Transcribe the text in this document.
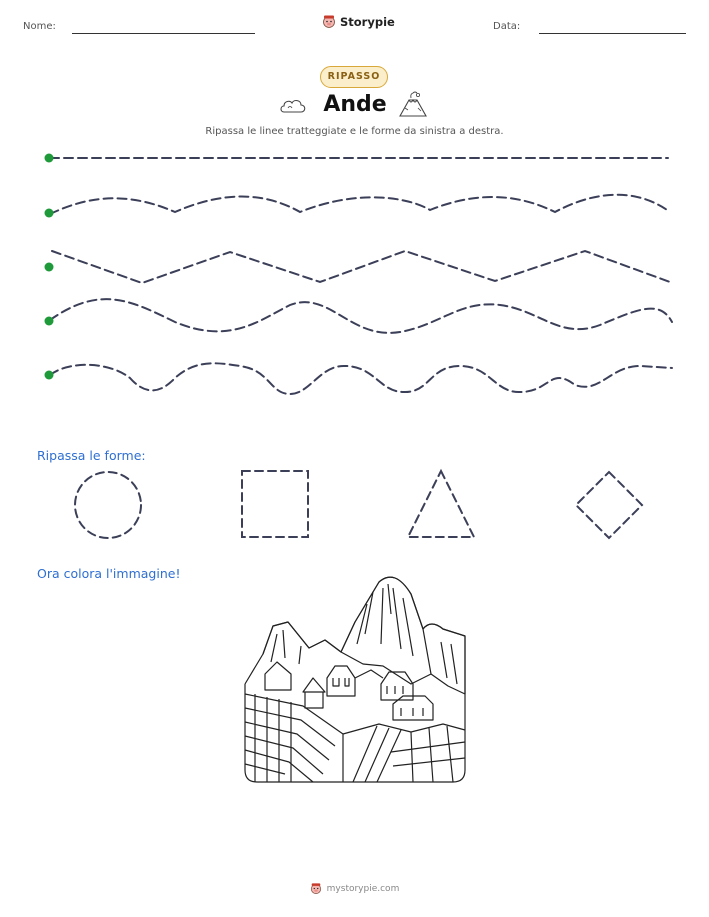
Nome:	Storypie	Data:
RIPASSO
Ande
Ripassa le linee tratteggiate e le forme da sinistra a destra.
Ripassa le forme:
Ora colora l'immagine!
mystorypie.com
